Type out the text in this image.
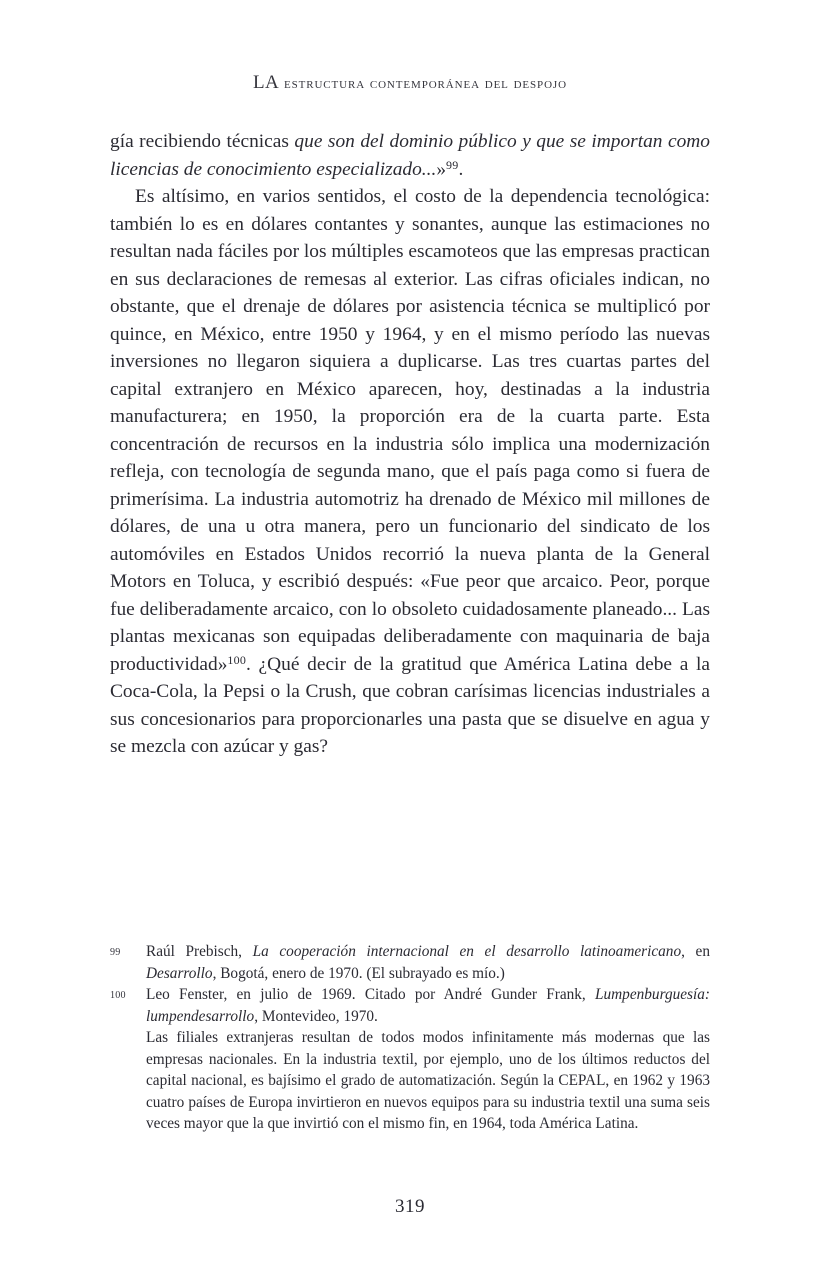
LA estructura contemporánea del despojo

gía recibiendo técnicas que son del dominio público y que se importan como licencias de conocimiento especializado...»$^{99}$.

Es altísimo, en varios sentidos, el costo de la dependencia tecnológica: también lo es en dólares contantes y sonantes, aunque las estimaciones no resultan nada fáciles por los múltiples escamoteos que las empresas practican en sus declaraciones de remesas al exterior. Las cifras oficiales indican, no obstante, que el drenaje de dólares por asistencia técnica se multiplicó por quince, en México, entre 1950 y 1964, y en el mismo período las nuevas inversiones no llegaron siquiera a duplicarse. Las tres cuartas partes del capital extranjero en México aparecen, hoy, destinadas a la industria manufacturera; en 1950, la proporción era de la cuarta parte. Esta concentración de recursos en la industria sólo implica una modernización refleja, con tecnología de segunda mano, que el país paga como si fuera de primerísima. La industria automotriz ha drenado de México mil millones de dólares, de una u otra manera, pero un funcionario del sindicato de los automóviles en Estados Unidos recorrió la nueva planta de la General Motors en Toluca, y escribió después: «Fue peor que arcaico. Peor, porque fue deliberadamente arcaico, con lo obsoleto cuidadosamente planeado... Las plantas mexicanas son equipadas deliberadamente con maquinaria de baja productividad»$^{100}$. ¿Qué decir de la gratitud que América Latina debe a la Coca-Cola, la Pepsi o la Crush, que cobran carísimas licencias industriales a sus concesionarios para proporcionarles una pasta que se disuelve en agua y se mezcla con azúcar y gas?

99	Raúl Prebisch, La cooperación internacional en el desarrollo latinoamericano, en Desarrollo, Bogotá, enero de 1970. (El subrayado es mío.)
100	Leo Fenster, en julio de 1969. Citado por André Gunder Frank, Lumpenburguesía: lumpendesarrollo, Montevideo, 1970.
Las filiales extranjeras resultan de todos modos infinitamente más modernas que las empresas nacionales. En la industria textil, por ejemplo, uno de los últimos reductos del capital nacional, es bajísimo el grado de automatización. Según la CEPAL, en 1962 y 1963 cuatro países de Europa invirtieron en nuevos equipos para su industria textil una suma seis veces mayor que la que invirtió con el mismo fin, en 1964, toda América Latina.
319
